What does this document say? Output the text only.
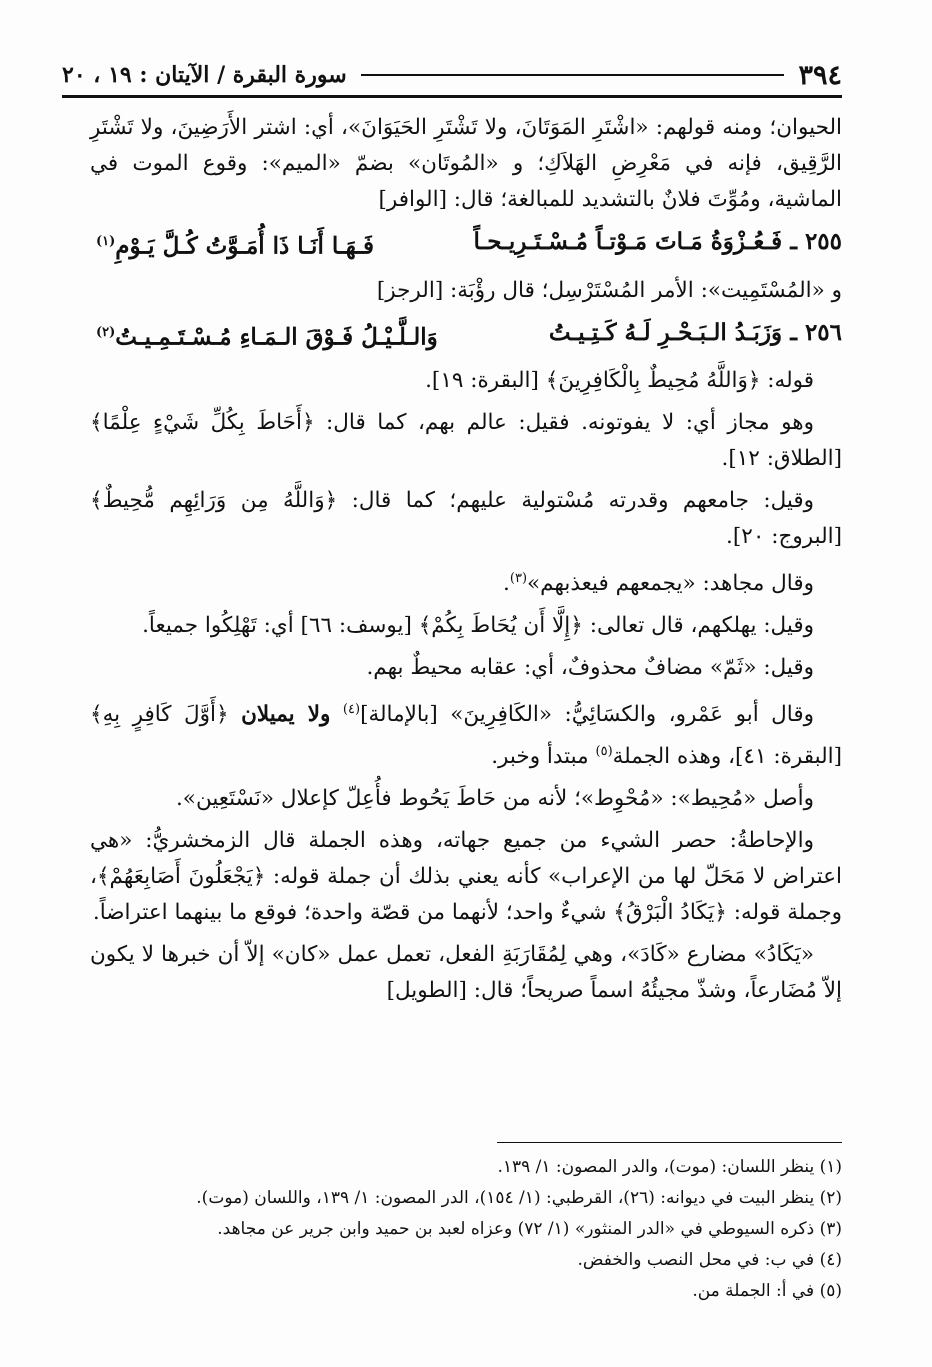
٣٩٤
سورة البقرة / الآيتان : ١٩ ، ٢٠

الحيوان؛ ومنه قولهم: «اشْتَرِ المَوَتَانَ، ولا تَشْتَرِ الحَيَوَانَ»، أي: اشتر الأَرَضِينَ، ولا تَشْتَرِ الرَّقِيق، فإنه في مَعْرِضِ الهَلاَكِ؛ و «المُوتَان» بضمّ «الميم»: وقوع الموت في الماشية، ومُوِّتَ فلانٌ بالتشديد للمبالغة؛ قال: [الوافر]

٢٥٥ ـ فَـعُـزْوَةُ مَـاتَ مَـوْتـاً مُـسْـتَـرِيـحـاً
فَـهَـا أَنَـا ذَا أُمَـوَّتُ كُـلَّ يَـوْمِ$^{(١)}$

و «المُسْتَمِيت»: الأمر المُسْتَرْسِل؛ قال رؤْبَة: [الرجز]

٢٥٦ ـ وَزَبَـدُ الـبَـحْـرِ لَـهُ كَـتِـيـتُ
وَالـلَّـيْـلُ فَـوْقَ الـمَـاءِ مُـسْـتَـمِـيـتُ$^{(٢)}$

قوله: ﴿وَاللَّهُ مُحِيطٌ بِالْكَافِرِينَ﴾ [البقرة: ١٩].

وهو مجاز أي: لا يفوتونه. فقيل: عالم بهم، كما قال: ﴿أَحَاطَ بِكُلِّ شَيْءٍ عِلْمًا﴾ [الطلاق: ١٢].

وقيل: جامعهم وقدرته مُسْتولية عليهم؛ كما قال: ﴿وَاللَّهُ مِن وَرَائِهِم مُّحِيطٌ﴾ [البروج: ٢٠].

وقال مجاهد: «يجمعهم فيعذبهم»$^{(٣)}$.

وقيل: يهلكهم، قال تعالى: ﴿إِلَّا أَن يُحَاطَ بِكُمْ﴾ [يوسف: ٦٦] أي: تَهْلِكُوا جميعاً.

وقيل: «ثَمّ» مضافٌ محذوفٌ، أي: عقابه محيطٌ بهم.

وقال أبو عَمْرو، والكسَائِيُّ: «الكَافِرِينَ» [بالإمالة]$^{(٤)}$ ولا يميلان ﴿أَوَّلَ كَافِرٍ بِهِ﴾ [البقرة: ٤١]، وهذه الجملة$^{(٥)}$ مبتدأ وخبر.

وأصل «مُحِيط»: «مُحْوِط»؛ لأنه من حَاطَ يَحُوط فأُعِلّ كإعلال «نَسْتَعِين».

والإحاطةُ: حصر الشيء من جميع جهاته، وهذه الجملة قال الزمخشريُّ: «هي اعتراض لا مَحَلّ لها من الإعراب» كأنه يعني بذلك أن جملة قوله: ﴿يَجْعَلُونَ أَصَابِعَهُمْ﴾، وجملة قوله: ﴿يَكَادُ الْبَرْقُ﴾ شيءٌ واحد؛ لأنهما من قصّة واحدة؛ فوقع ما بينهما اعتراضاً.

«يَكَادُ» مضارع «كَادَ»، وهي لِمُقَارَبَةِ الفعل، تعمل عمل «كان» إلاّ أن خبرها لا يكون إلاّ مُضَارعاً، وشذّ مجيئُهُ اسماً صريحاً؛ قال: [الطويل]

(١) ينظر اللسان: (موت)، والدر المصون: ١/ ١٣٩.
(٢) ينظر البيت في ديوانه: (٢٦)، القرطبي: (١/ ١٥٤)، الدر المصون: ١/ ١٣٩، واللسان (موت).
(٣) ذكره السيوطي في «الدر المنثور» (١/ ٧٢) وعزاه لعبد بن حميد وابن جرير عن مجاهد.
(٤) في ب: في محل النصب والخفض.
(٥) في أ: الجملة من.
